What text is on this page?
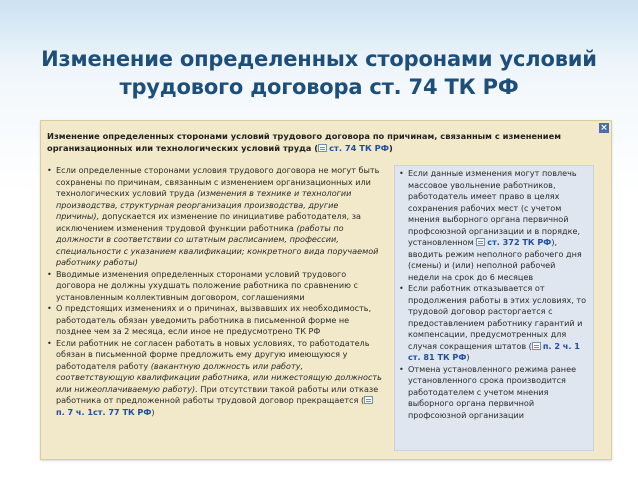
Изменение определенных сторонами условий трудового договора ст. 74 ТК РФ
×
Изменение определенных сторонами условий трудового договора по причинам, связанным с изменением организационных или технологических условий труда ( ст. 74 ТК РФ)
• Если определенные сторонами условия трудового договора не могут быть сохранены по причинам, связанным с изменением организационных или технологических условий труда (изменения в технике и технологии производства, структурная реорганизация производства, другие причины), допускается их изменение по инициативе работодателя, за исключением изменения трудовой функции работника (работы по должности в соответствии со штатным расписанием, профессии, специальности с указанием квалификации; конкретного вида поручаемой работнику работы)
• Вводимые изменения определенных сторонами условий трудового договора не должны ухудшать положение работника по сравнению с установленным коллективным договором, соглашениями
• О предстоящих изменениях и о причинах, вызвавших их необходимость, работодатель обязан уведомить работника в письменной форме не позднее чем за 2 месяца, если иное не предусмотрено ТК РФ
• Если работник не согласен работать в новых условиях, то работодатель обязан в письменной форме предложить ему другую имеющуюся у работодателя работу (вакантную должность или работу, соответствующую квалификации работника, или нижестоящую должность или нижеоплачиваемую работу). При отсутствии такой работы или отказе работника от предложенной работы трудовой договор прекращается (п. 7 ч. 1ст. 77 ТК РФ)
• Если данные изменения могут повлечь массовое увольнение работников, работодатель имеет право в целях сохранения рабочих мест (с учетом мнения выборного органа первичной профсоюзной организации и в порядке, установленном ст. 372 ТК РФ), вводить режим неполного рабочего дня (смены) и (или) неполной рабочей недели на срок до 6 месяцев
• Если работник отказывается от продолжения работы в этих условиях, то трудовой договор расторгается с предоставлением работнику гарантий и компенсации, предусмотренных для случая сокращения штатов ( п. 2 ч. 1 ст. 81 ТК РФ)
• Отмена установленного режима ранее установленного срока производится работодателем с учетом мнения выборного органа первичной профсоюзной организации
